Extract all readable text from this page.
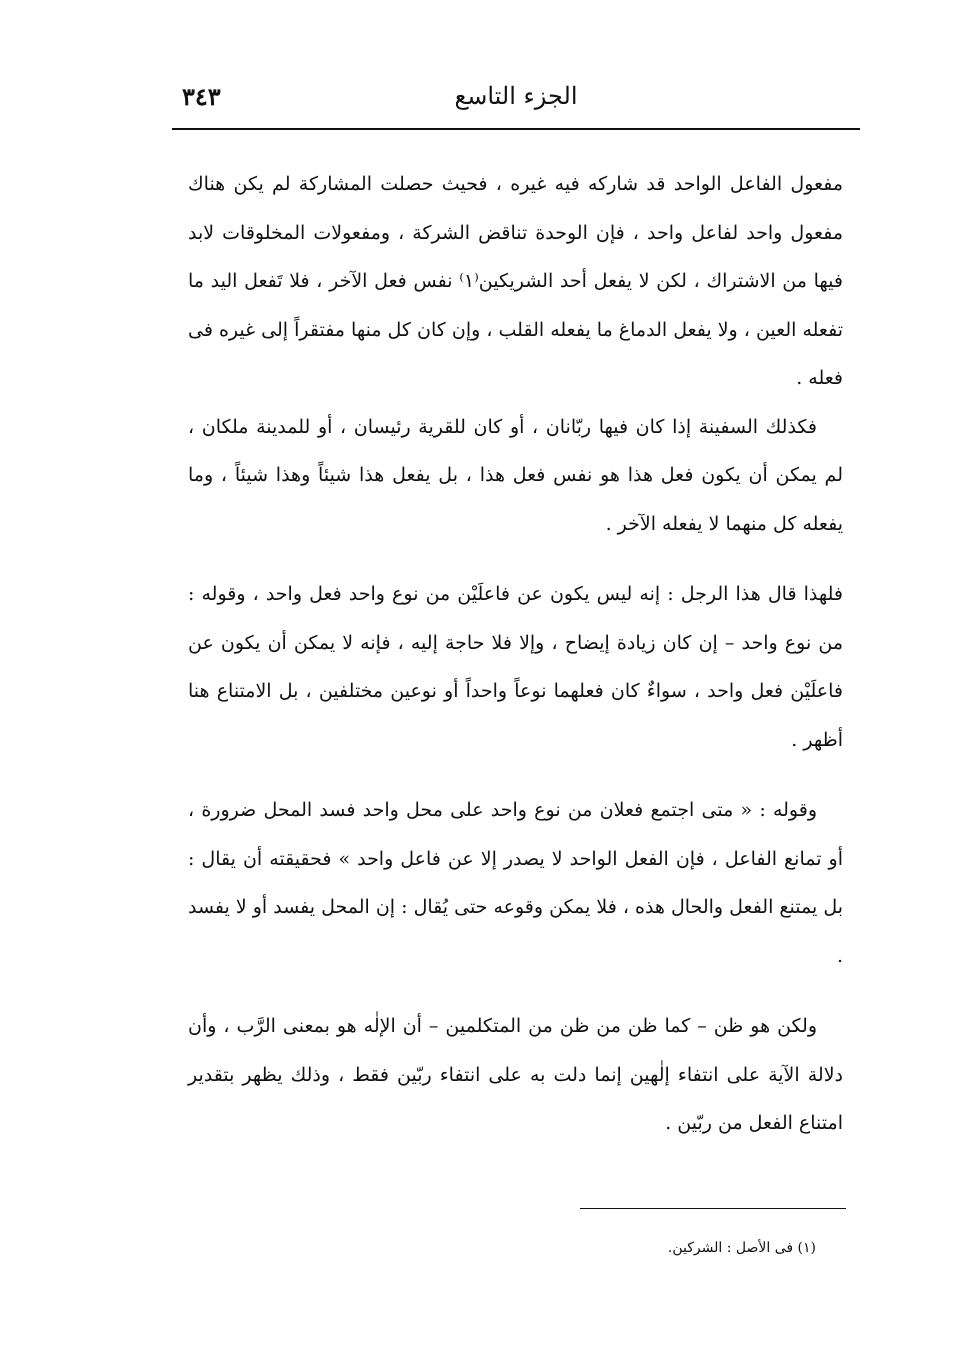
٣٤٣	الجزء التاسع

مفعول الفاعل الواحد قد شاركه فيه غيره ، فحيث حصلت المشاركة لم يكن هناك مفعول واحد لفاعل واحد ، فإن الوحدة تناقض الشركة ، ومفعولات المخلوقات لابد فيها من الاشتراك ، لكن لا يفعل أحد الشريكين⁽١⁾ نفس فعل الآخر ، فلا تَفعل اليد ما تفعله العين ، ولا يفعل الدماغ ما يفعله القلب ، وإن كان كل منها مفتقراً إلى غيره فى فعله .

فكذلك السفينة إذا كان فيها ربّانان ، أو كان للقرية رئيسان ، أو للمدينة ملكان ، لم يمكن أن يكون فعل هذا هو نفس فعل هذا ، بل يفعل هذا شيئاً وهذا شيئاً ، وما يفعله كل منهما لا يفعله الآخر .

فلهذا قال هذا الرجل : إنه ليس يكون عن فاعلَيْن من نوع واحد فعل واحد ، وقوله : من نوع واحد – إن كان زيادة إيضاح ، وإلا فلا حاجة إليه ، فإنه لا يمكن أن يكون عن فاعلَيْن فعل واحد ، سواءٌ كان فعلهما نوعاً واحداً أو نوعين مختلفين ، بل الامتناع هنا أظهر .

وقوله : « متى اجتمع فعلان من نوع واحد على محل واحد فسد المحل ضرورة ، أو تمانع الفاعل ، فإن الفعل الواحد لا يصدر إلا عن فاعل واحد » فحقيقته أن يقال : بل يمتنع الفعل والحال هذه ، فلا يمكن وقوعه حتى يُقال : إن المحل يفسد أو لا يفسد .

ولكن هو ظن – كما ظن من ظن من المتكلمين – أن الإلٰه هو بمعنى الرَّب ، وأن دلالة الآية على انتفاء إلٰهين إنما دلت به على انتفاء ربّين فقط ، وذلك يظهر بتقدير امتناع الفعل من ربّين .

(١) فى الأصل : الشركين.
